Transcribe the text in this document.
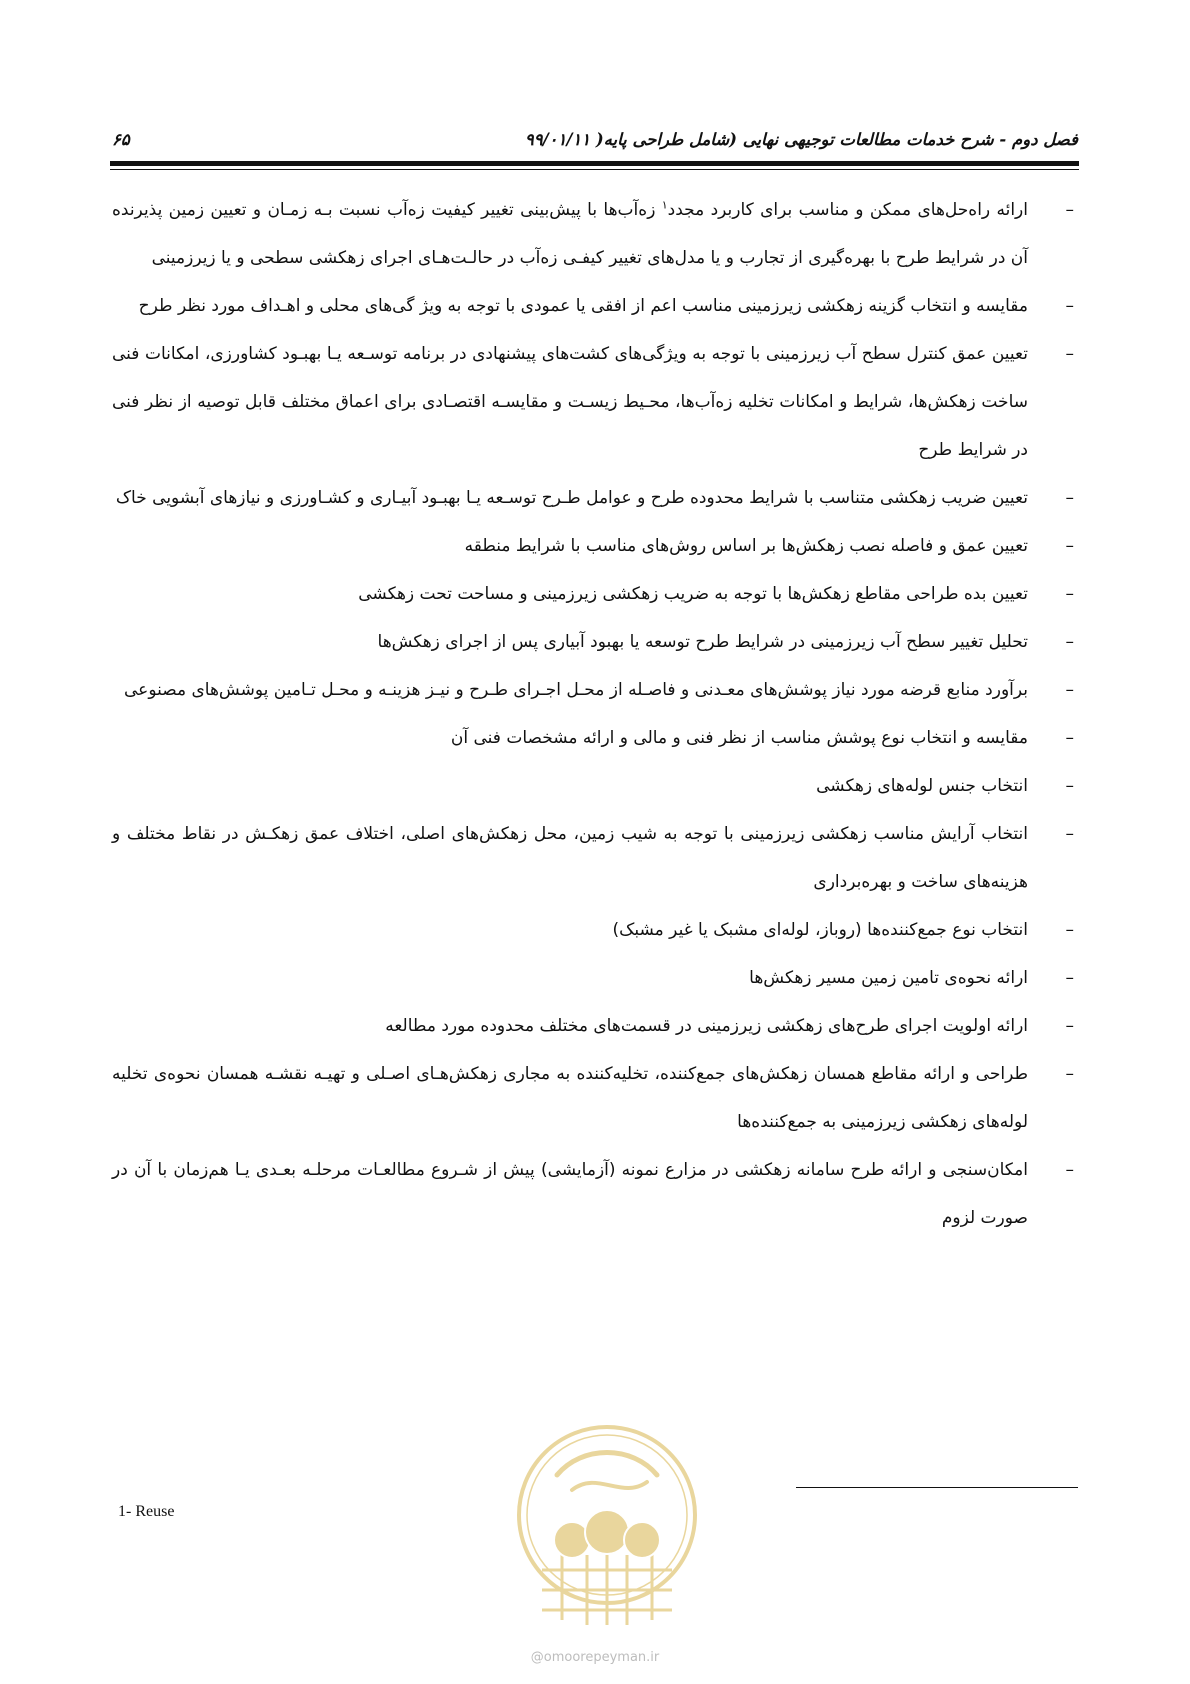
فصل دوم - شرح خدمات مطالعات توجیهی نهایی (شامل طراحی پایه( ۹۹/۰۱/۱۱
۶۵

–
ارائه راه‌حل‌های ممکن و مناسب برای کاربرد مجدد$^۱$ زه‌آب‌ها با پیش‌بینی تغییر کیفیت زه‌آب نسبت بـه زمـان و تعیین زمین پذیرنده آن در شرایط طرح با بهره‌گیری از تجارب و یا مدل‌های تغییر کیفـی زه‌آب در حالـت‌هـای اجرای زهکشی سطحی و یا زیرزمینی

–
مقایسه و انتخاب گزینه زهکشی زیرزمینی مناسب اعم از افقی یا عمودی با توجه به ویژ گی‌های محلی و اهـداف مورد نظر طرح

–
تعیین عمق کنترل سطح آب زیرزمینی با توجه به ویژگی‌های کشت‌های پیشنهادی در برنامه توسـعه یـا بهبـود کشاورزی، امکانات فنی ساخت زهکش‌ها، شرایط و امکانات تخلیه زه‌آب‌ها، محـیط زیسـت و مقایسـه اقتصـادی برای اعماق مختلف قابل توصیه از نظر فنی در شرایط طرح

–
تعیین ضریب زهکشی متناسب با شرایط محدوده طرح و عوامل طـرح توسـعه یـا بهبـود آبیـاری و کشـاورزی و نیازهای آبشویی خاک

–
تعیین عمق و فاصله نصب زهکش‌ها بر اساس روش‌های مناسب با شرایط منطقه

–
تعیین بده طراحی مقاطع زهکش‌ها با توجه به ضریب زهکشی زیرزمینی و مساحت تحت زهکشی

–
تحلیل تغییر سطح آب زیرزمینی در شرایط طرح توسعه یا بهبود آبیاری پس از اجرای زهکش‌ها

–
برآورد منابع قرضه مورد نیاز پوشش‌های معـدنی و فاصـله از محـل اجـرای طـرح و نیـز هزینـه و محـل تـامین پوشش‌های مصنوعی

–
مقایسه و انتخاب نوع پوشش مناسب از نظر فنی و مالی و ارائه مشخصات فنی آن

–
انتخاب جنس لوله‌های زهکشی

–
انتخاب آرایش مناسب زهکشی زیرزمینی با توجه به شیب زمین، محل زهکش‌های اصلی، اختلاف عمق زهکـش در نقاط مختلف و هزینه‌های ساخت و بهره‌برداری

–
انتخاب نوع جمع‌کننده‌ها (روباز، لوله‌ای مشبک یا غیر مشبک)

–
ارائه نحوه‌ی تامین زمین مسیر زهکش‌ها

–
ارائه اولویت اجرای طرح‌های زهکشی زیرزمینی در قسمت‌های مختلف محدوده مورد مطالعه

–
طراحی و ارائه مقاطع همسان زهکش‌های جمع‌کننده، تخلیه‌کننده به مجاری زهکش‌هـای اصـلی و تهیـه نقشـه همسان نحوه‌ی تخلیه لوله‌های زهکشی زیرزمینی به جمع‌کننده‌ها

–
امکان‌سنجی و ارائه طرح سامانه زهکشی در مزارع نمونه (آزمایشی) پیش از شـروع مطالعـات مرحلـه بعـدی یـا هم‌زمان با آن در صورت لزوم

1- Reuse
@omoorepeyman.ir
